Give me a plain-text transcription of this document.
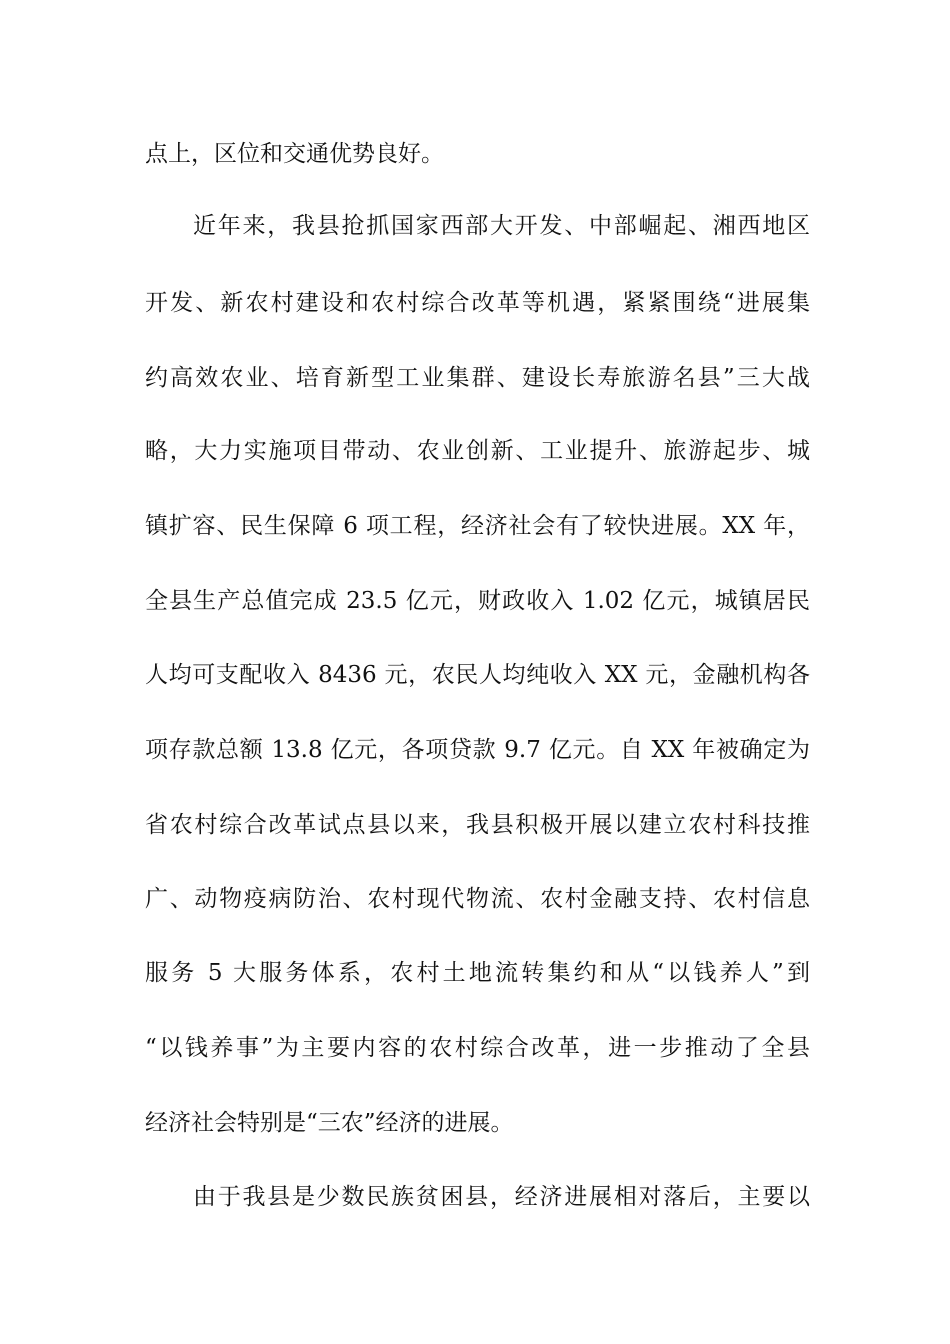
点上，区位和交通优势良好。
近年来，我县抢抓国家西部大开发、中部崛起、湘西地区
开发、新农村建设和农村综合改革等机遇，紧紧围绕“进展集
约高效农业、培育新型工业集群、建设长寿旅游名县”三大战
略，大力实施项目带动、农业创新、工业提升、旅游起步、城
镇扩容、民生保障 6 项工程，经济社会有了较快进展。XX 年，
全县生产总值完成 23.5 亿元，财政收入 1.02 亿元，城镇居民
人均可支配收入 8436 元，农民人均纯收入 XX 元，金融机构各
项存款总额 13.8 亿元，各项贷款 9.7 亿元。自 XX 年被确定为
省农村综合改革试点县以来，我县积极开展以建立农村科技推
广、动物疫病防治、农村现代物流、农村金融支持、农村信息
服务 5 大服务体系，农村土地流转集约和从“以钱养人”到
“以钱养事”为主要内容的农村综合改革，进一步推动了全县
经济社会特别是“三农”经济的进展。
由于我县是少数民族贫困县，经济进展相对落后，主要以
